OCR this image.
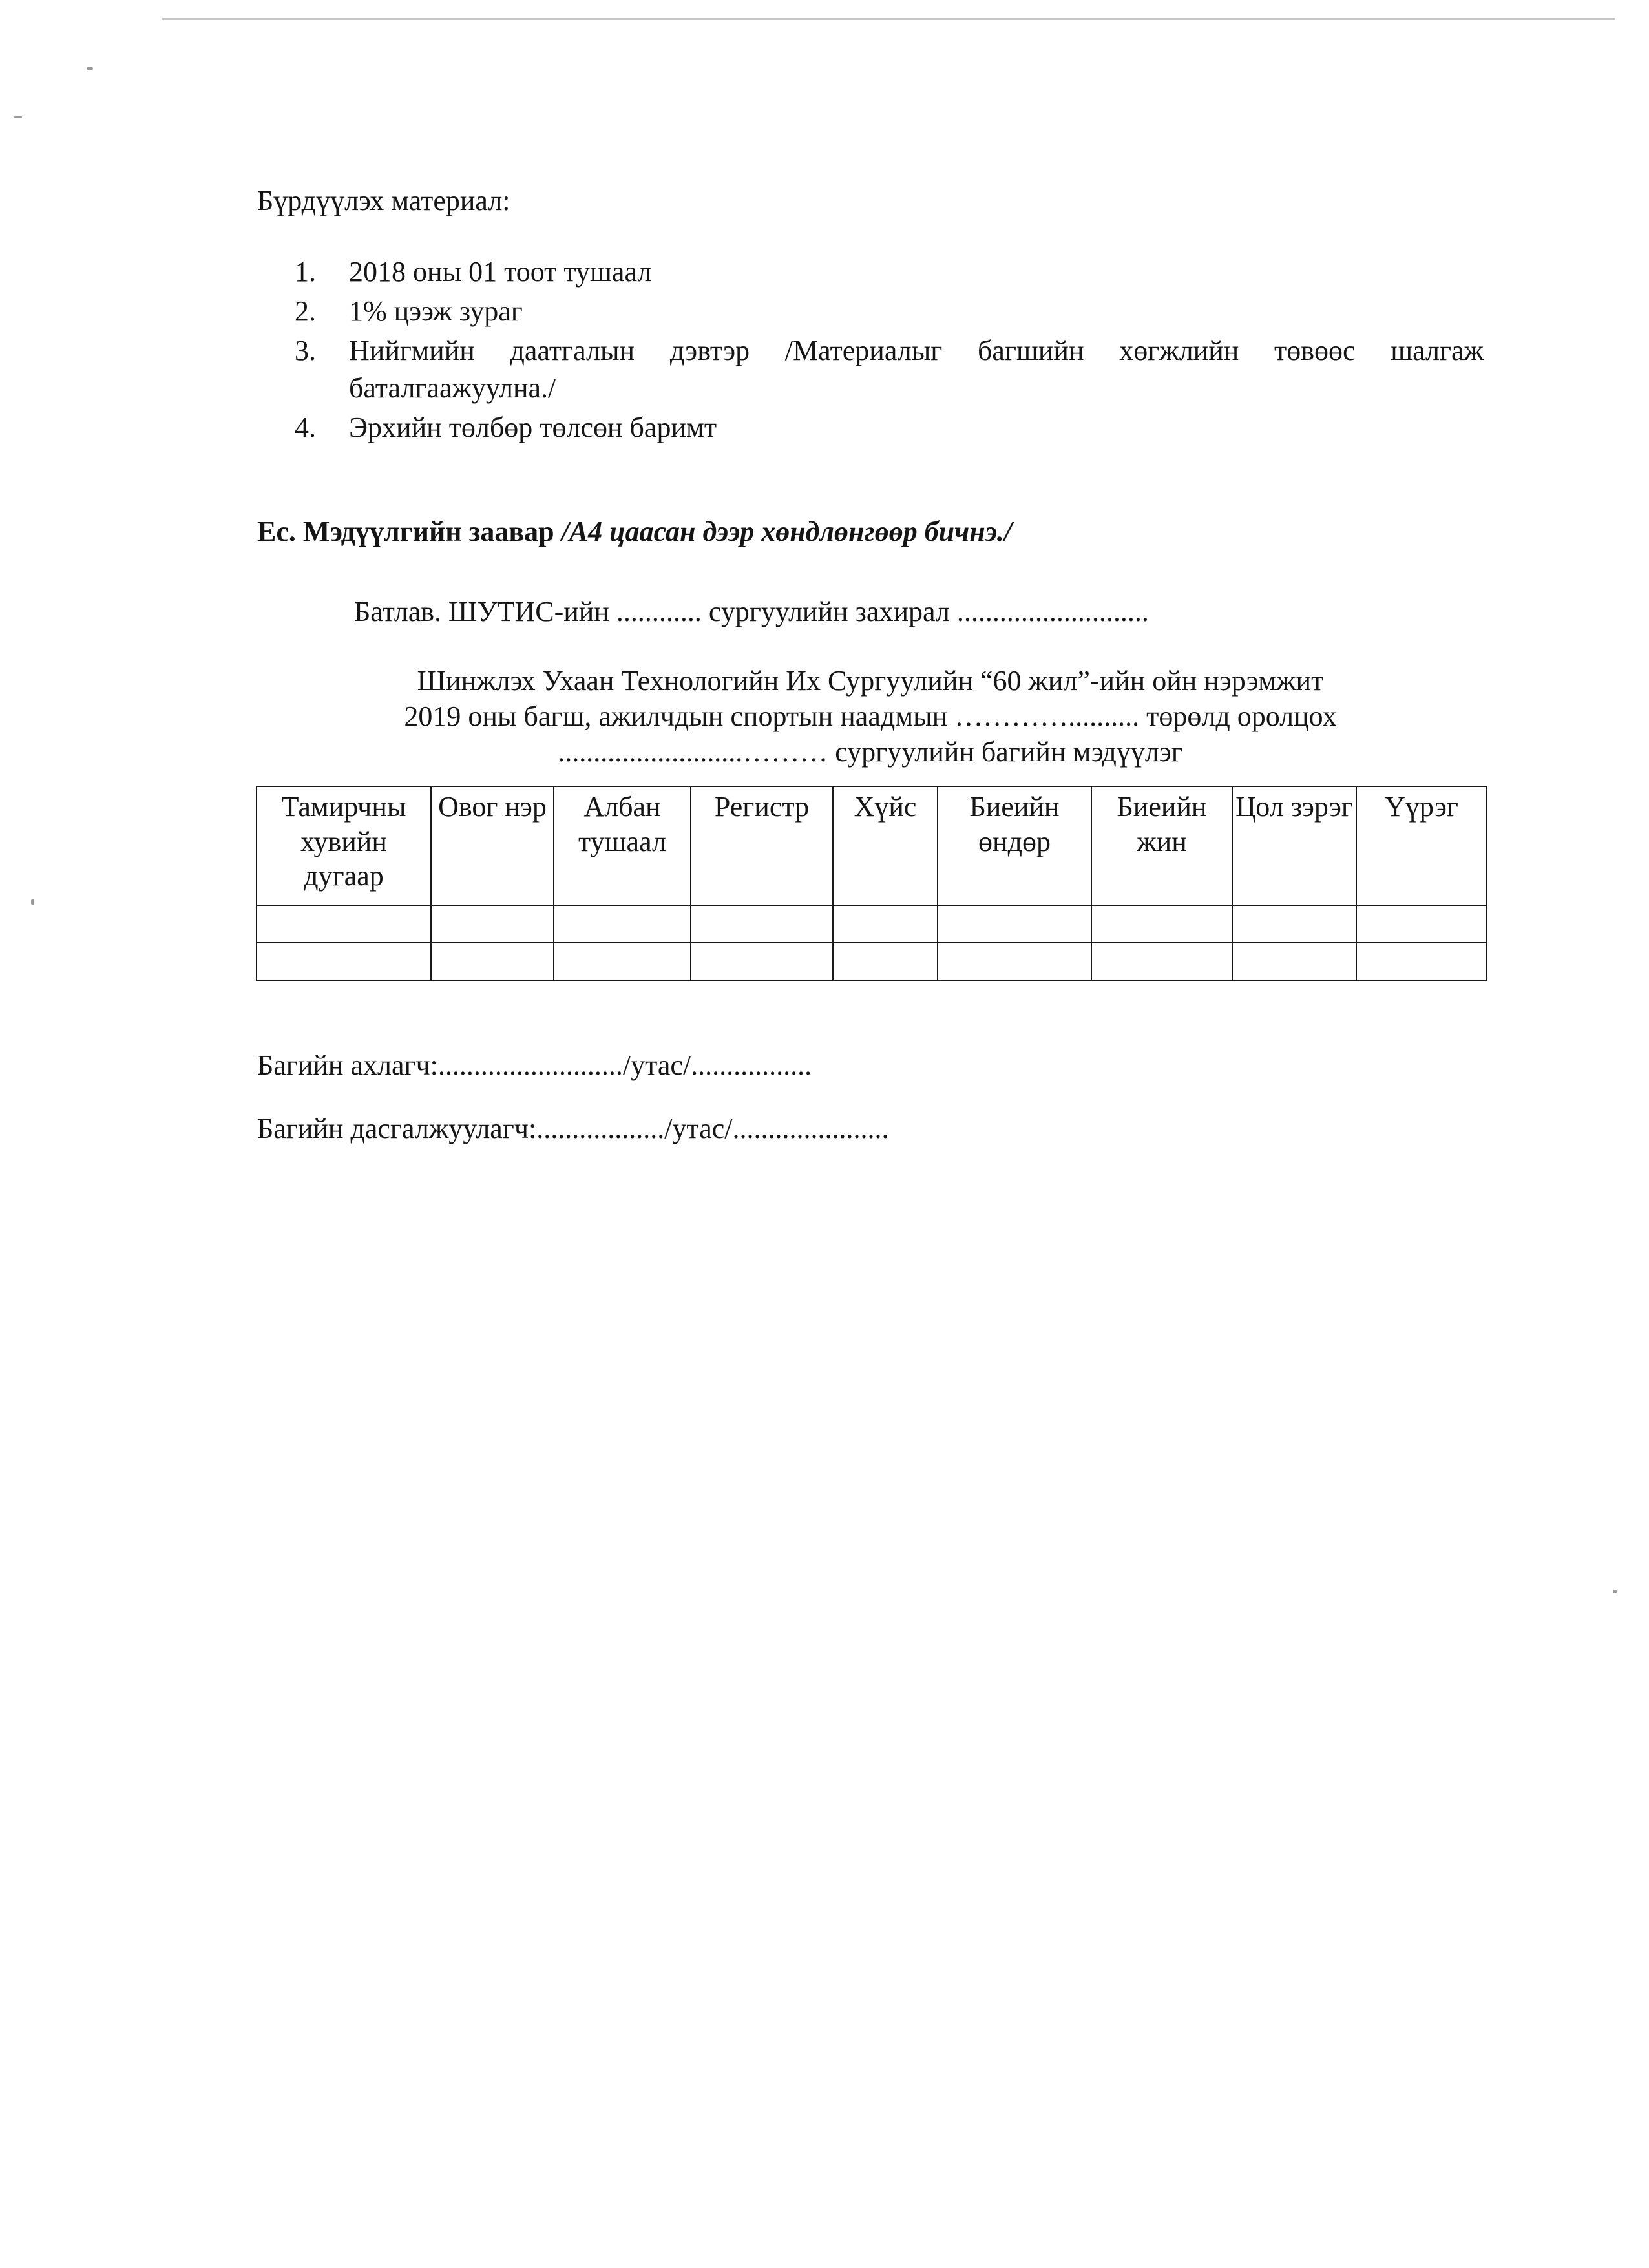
Бүрдүүлэх материал:
1.	2018 оны 01 тоот тушаал
2.	1% цээж зураг
3.	Нийгмийн даатгалын дэвтэр /Материалыг багшийн хөгжлийн төвөөс шалгаж баталгаажуулна./
4.	Эрхийн төлбөр төлсөн баримт
Ес. Мэдүүлгийн заавар /А4 цаасан дээр хөндлөнгөөр бичнэ./
Батлав. ШУТИС-ийн ............ сургуулийн захирал ...........................
Шинжлэх Ухаан Технологийн Их Сургуулийн “60 жил”-ийн ойн нэрэмжит
2019 оны багш, ажилчдын спортын наадмын ………….......... төрөлд оролцох
..........................……… сургуулийн багийн мэдүүлэг
Тамирчны хувийн дугаар	Овог нэр	Албан тушаал	Регистр	Хүйс	Биеийн өндөр	Биеийн жин	Цол зэрэг	Үүрэг

Багийн ахлагч:........................../утас/.................
Багийн дасгалжуулагч:................../утас/......................
